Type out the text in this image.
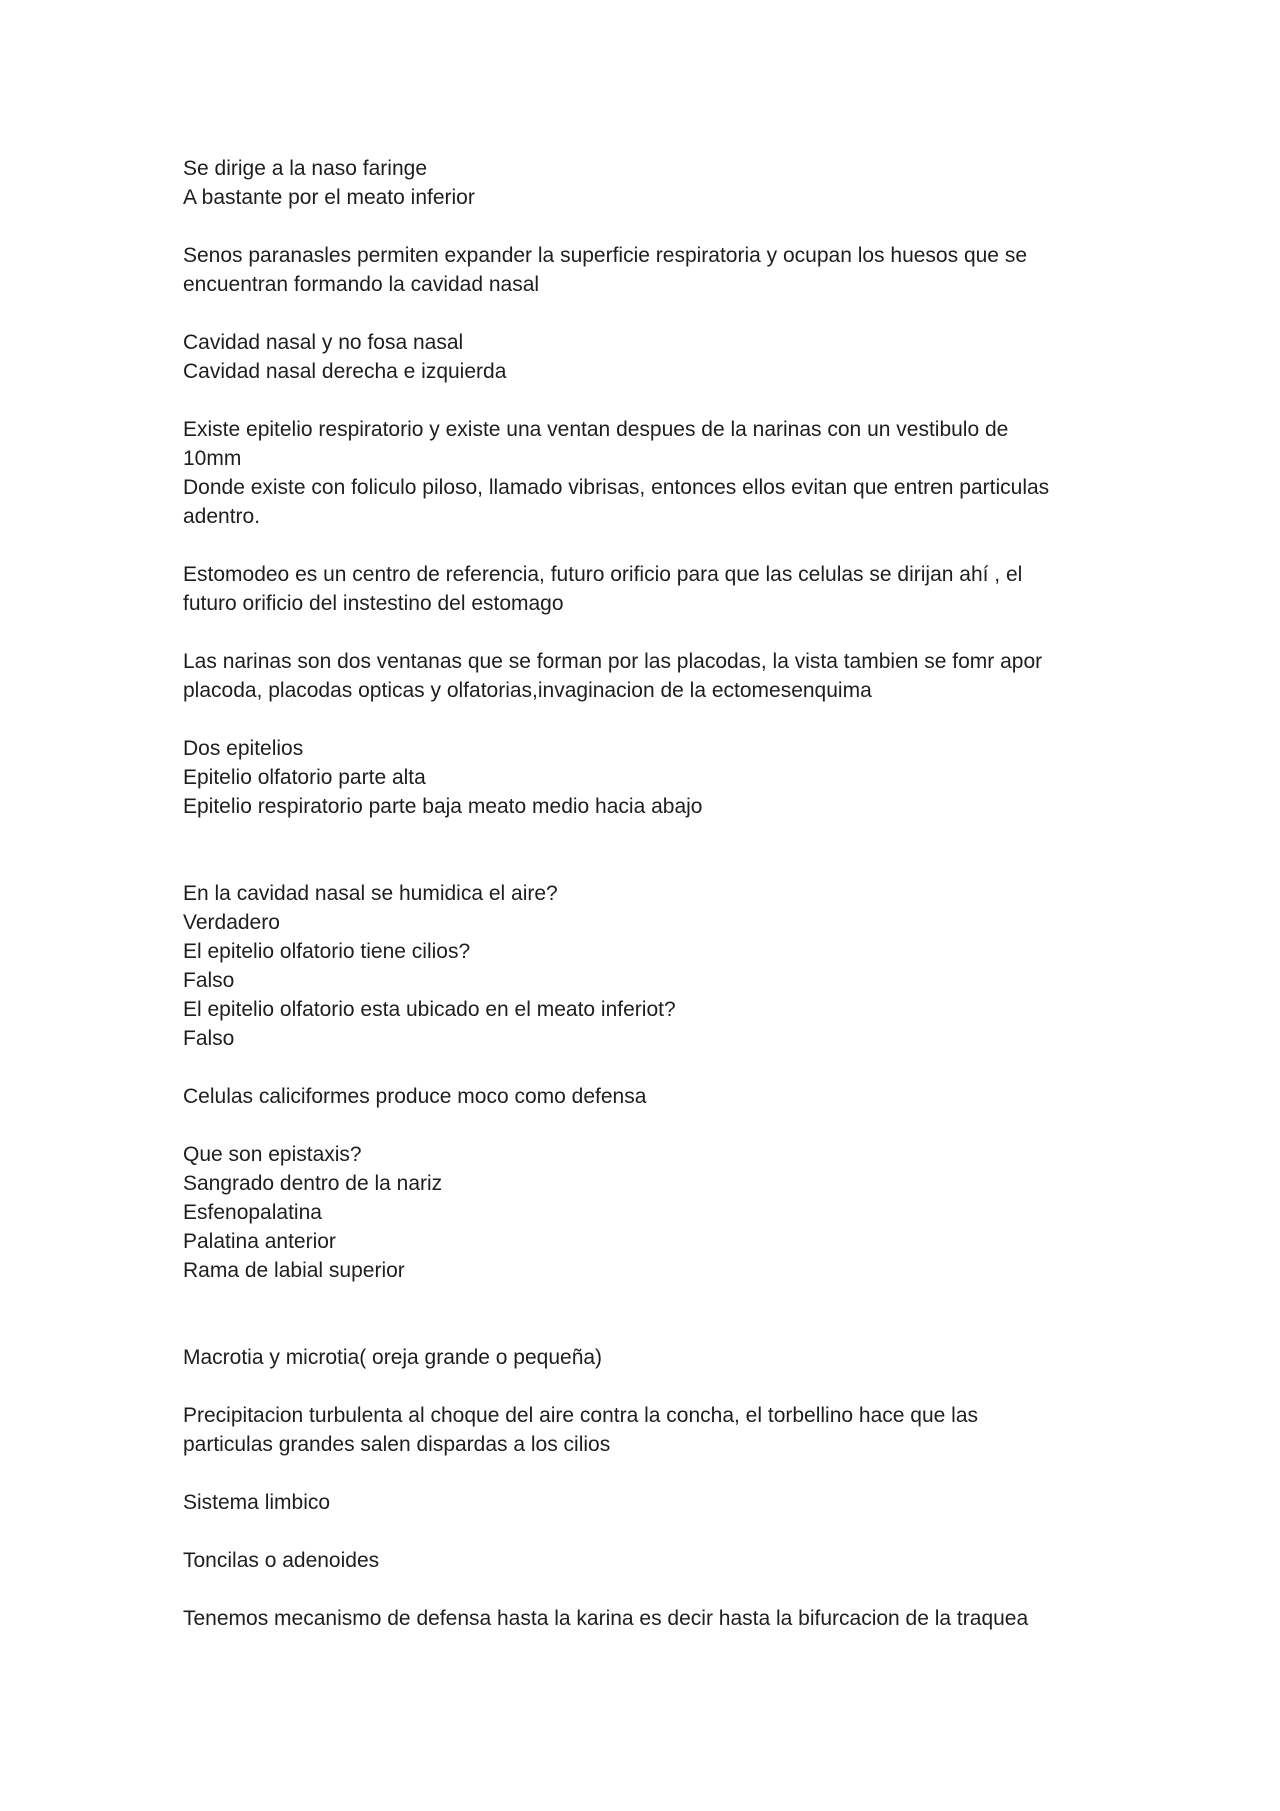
Se dirige a la naso faringe
A bastante por el meato inferior

Senos paranasles permiten expander la superficie respiratoria y ocupan los huesos que se
encuentran formando la cavidad nasal

Cavidad nasal y no fosa nasal
Cavidad nasal derecha e izquierda

Existe epitelio respiratorio y existe una ventan despues de la narinas con un vestibulo de
10mm
Donde existe con foliculo piloso, llamado vibrisas, entonces ellos evitan que entren particulas
adentro.

Estomodeo es un centro de referencia, futuro orificio para que las celulas se dirijan ahí , el
futuro orificio del instestino del estomago

Las narinas son dos ventanas que se forman por las placodas, la vista tambien se fomr apor
placoda, placodas opticas y olfatorias,invaginacion de la ectomesenquima

Dos epitelios
Epitelio olfatorio parte alta
Epitelio respiratorio parte baja meato medio hacia abajo

En la cavidad nasal se humidica el aire?
Verdadero
El epitelio olfatorio tiene cilios?
Falso
El epitelio olfatorio esta ubicado en el meato inferiot?
Falso

Celulas caliciformes produce moco como defensa

Que son epistaxis?
Sangrado dentro de la nariz
Esfenopalatina
Palatina anterior
Rama de labial superior

Macrotia y microtia( oreja grande o pequeña)

Precipitacion turbulenta al choque del aire contra la concha, el torbellino hace que las
particulas grandes salen dispardas a los cilios

Sistema limbico

Toncilas o adenoides

Tenemos mecanismo de defensa hasta la karina es decir hasta la bifurcacion de la traquea
